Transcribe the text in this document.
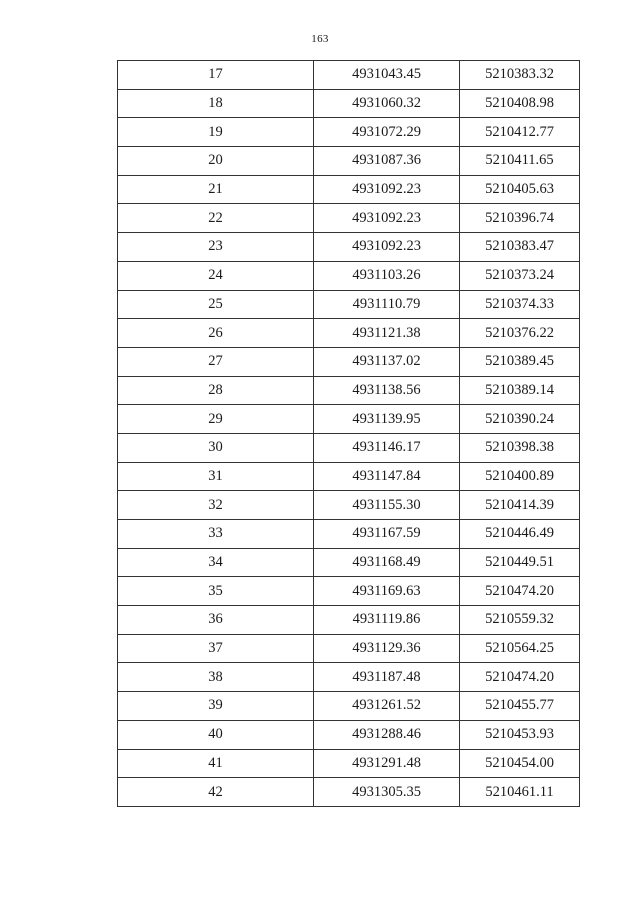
163
17	4931043.45	5210383.32
18	4931060.32	5210408.98
19	4931072.29	5210412.77
20	4931087.36	5210411.65
21	4931092.23	5210405.63
22	4931092.23	5210396.74
23	4931092.23	5210383.47
24	4931103.26	5210373.24
25	4931110.79	5210374.33
26	4931121.38	5210376.22
27	4931137.02	5210389.45
28	4931138.56	5210389.14
29	4931139.95	5210390.24
30	4931146.17	5210398.38
31	4931147.84	5210400.89
32	4931155.30	5210414.39
33	4931167.59	5210446.49
34	4931168.49	5210449.51
35	4931169.63	5210474.20
36	4931119.86	5210559.32
37	4931129.36	5210564.25
38	4931187.48	5210474.20
39	4931261.52	5210455.77
40	4931288.46	5210453.93
41	4931291.48	5210454.00
42	4931305.35	5210461.11
